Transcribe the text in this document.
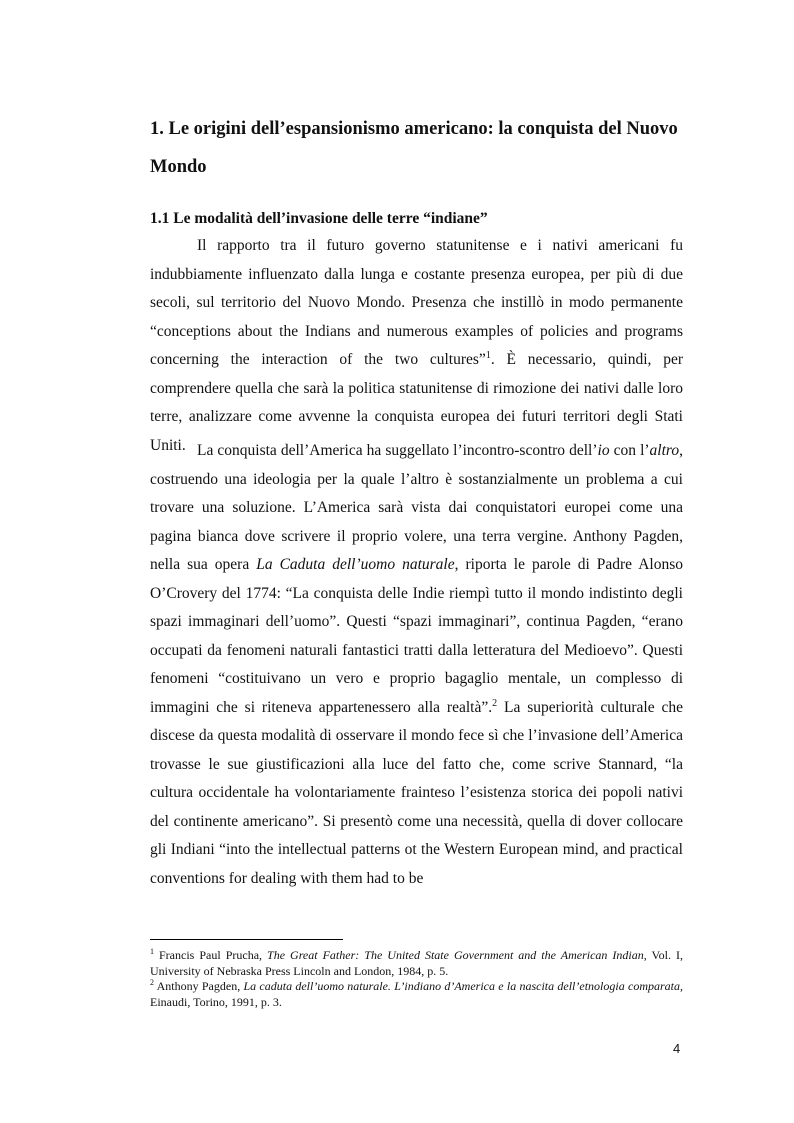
1. Le origini dell’espansionismo americano: la conquista del Nuovo Mondo
1.1 Le modalità dell’invasione delle terre “indiane”

Il rapporto tra il futuro governo statunitense e i nativi americani fu indubbiamente influenzato dalla lunga e costante presenza europea, per più di due secoli, sul territorio del Nuovo Mondo. Presenza che instillò in modo permanente “conceptions about the Indians and numerous examples of policies and programs concerning the interaction of the two cultures”$^1$. È necessario, quindi, per comprendere quella che sarà la politica statunitense di rimozione dei nativi dalle loro terre, analizzare come avvenne la conquista europea dei futuri territori degli Stati Uniti. La conquista dell’America ha suggellato l’incontro-scontro dell’io con l’altro, costruendo una ideologia per la quale l’altro è sostanzialmente un problema a cui trovare una soluzione. L’America sarà vista dai conquistatori europei come una pagina bianca dove scrivere il proprio volere, una terra vergine. Anthony Pagden, nella sua opera La Caduta dell’uomo naturale, riporta le parole di Padre Alonso O’Crovery del 1774: “La conquista delle Indie riempì tutto il mondo indistinto degli spazi immaginari dell’uomo”. Questi “spazi immaginari”, continua Pagden, “erano occupati da fenomeni naturali fantastici tratti dalla letteratura del Medioevo”. Questi fenomeni “costituivano un vero e proprio bagaglio mentale, un complesso di immagini che si riteneva appartenessero alla realtà”.$^2$ La superiorità culturale che discese da questa modalità di osservare il mondo fece sì che l’invasione dell’America trovasse le sue giustificazioni alla luce del fatto che, come scrive Stannard, “la cultura occidentale ha volontariamente frainteso l’esistenza storica dei popoli nativi del continente americano”. Si presentò come una necessità, quella di dover collocare gli Indiani “into the intellectual patterns ot the Western European mind, and practical conventions for dealing with them had to be

$^1$ Francis Paul Prucha, The Great Father: The United State Government and the American Indian, Vol. I, University of Nebraska Press Lincoln and London, 1984, p. 5.

$^2$ Anthony Pagden, La caduta dell’uomo naturale. L’indiano d’America e la nascita dell’etnologia comparata, Einaudi, Torino, 1991, p. 3.

4
